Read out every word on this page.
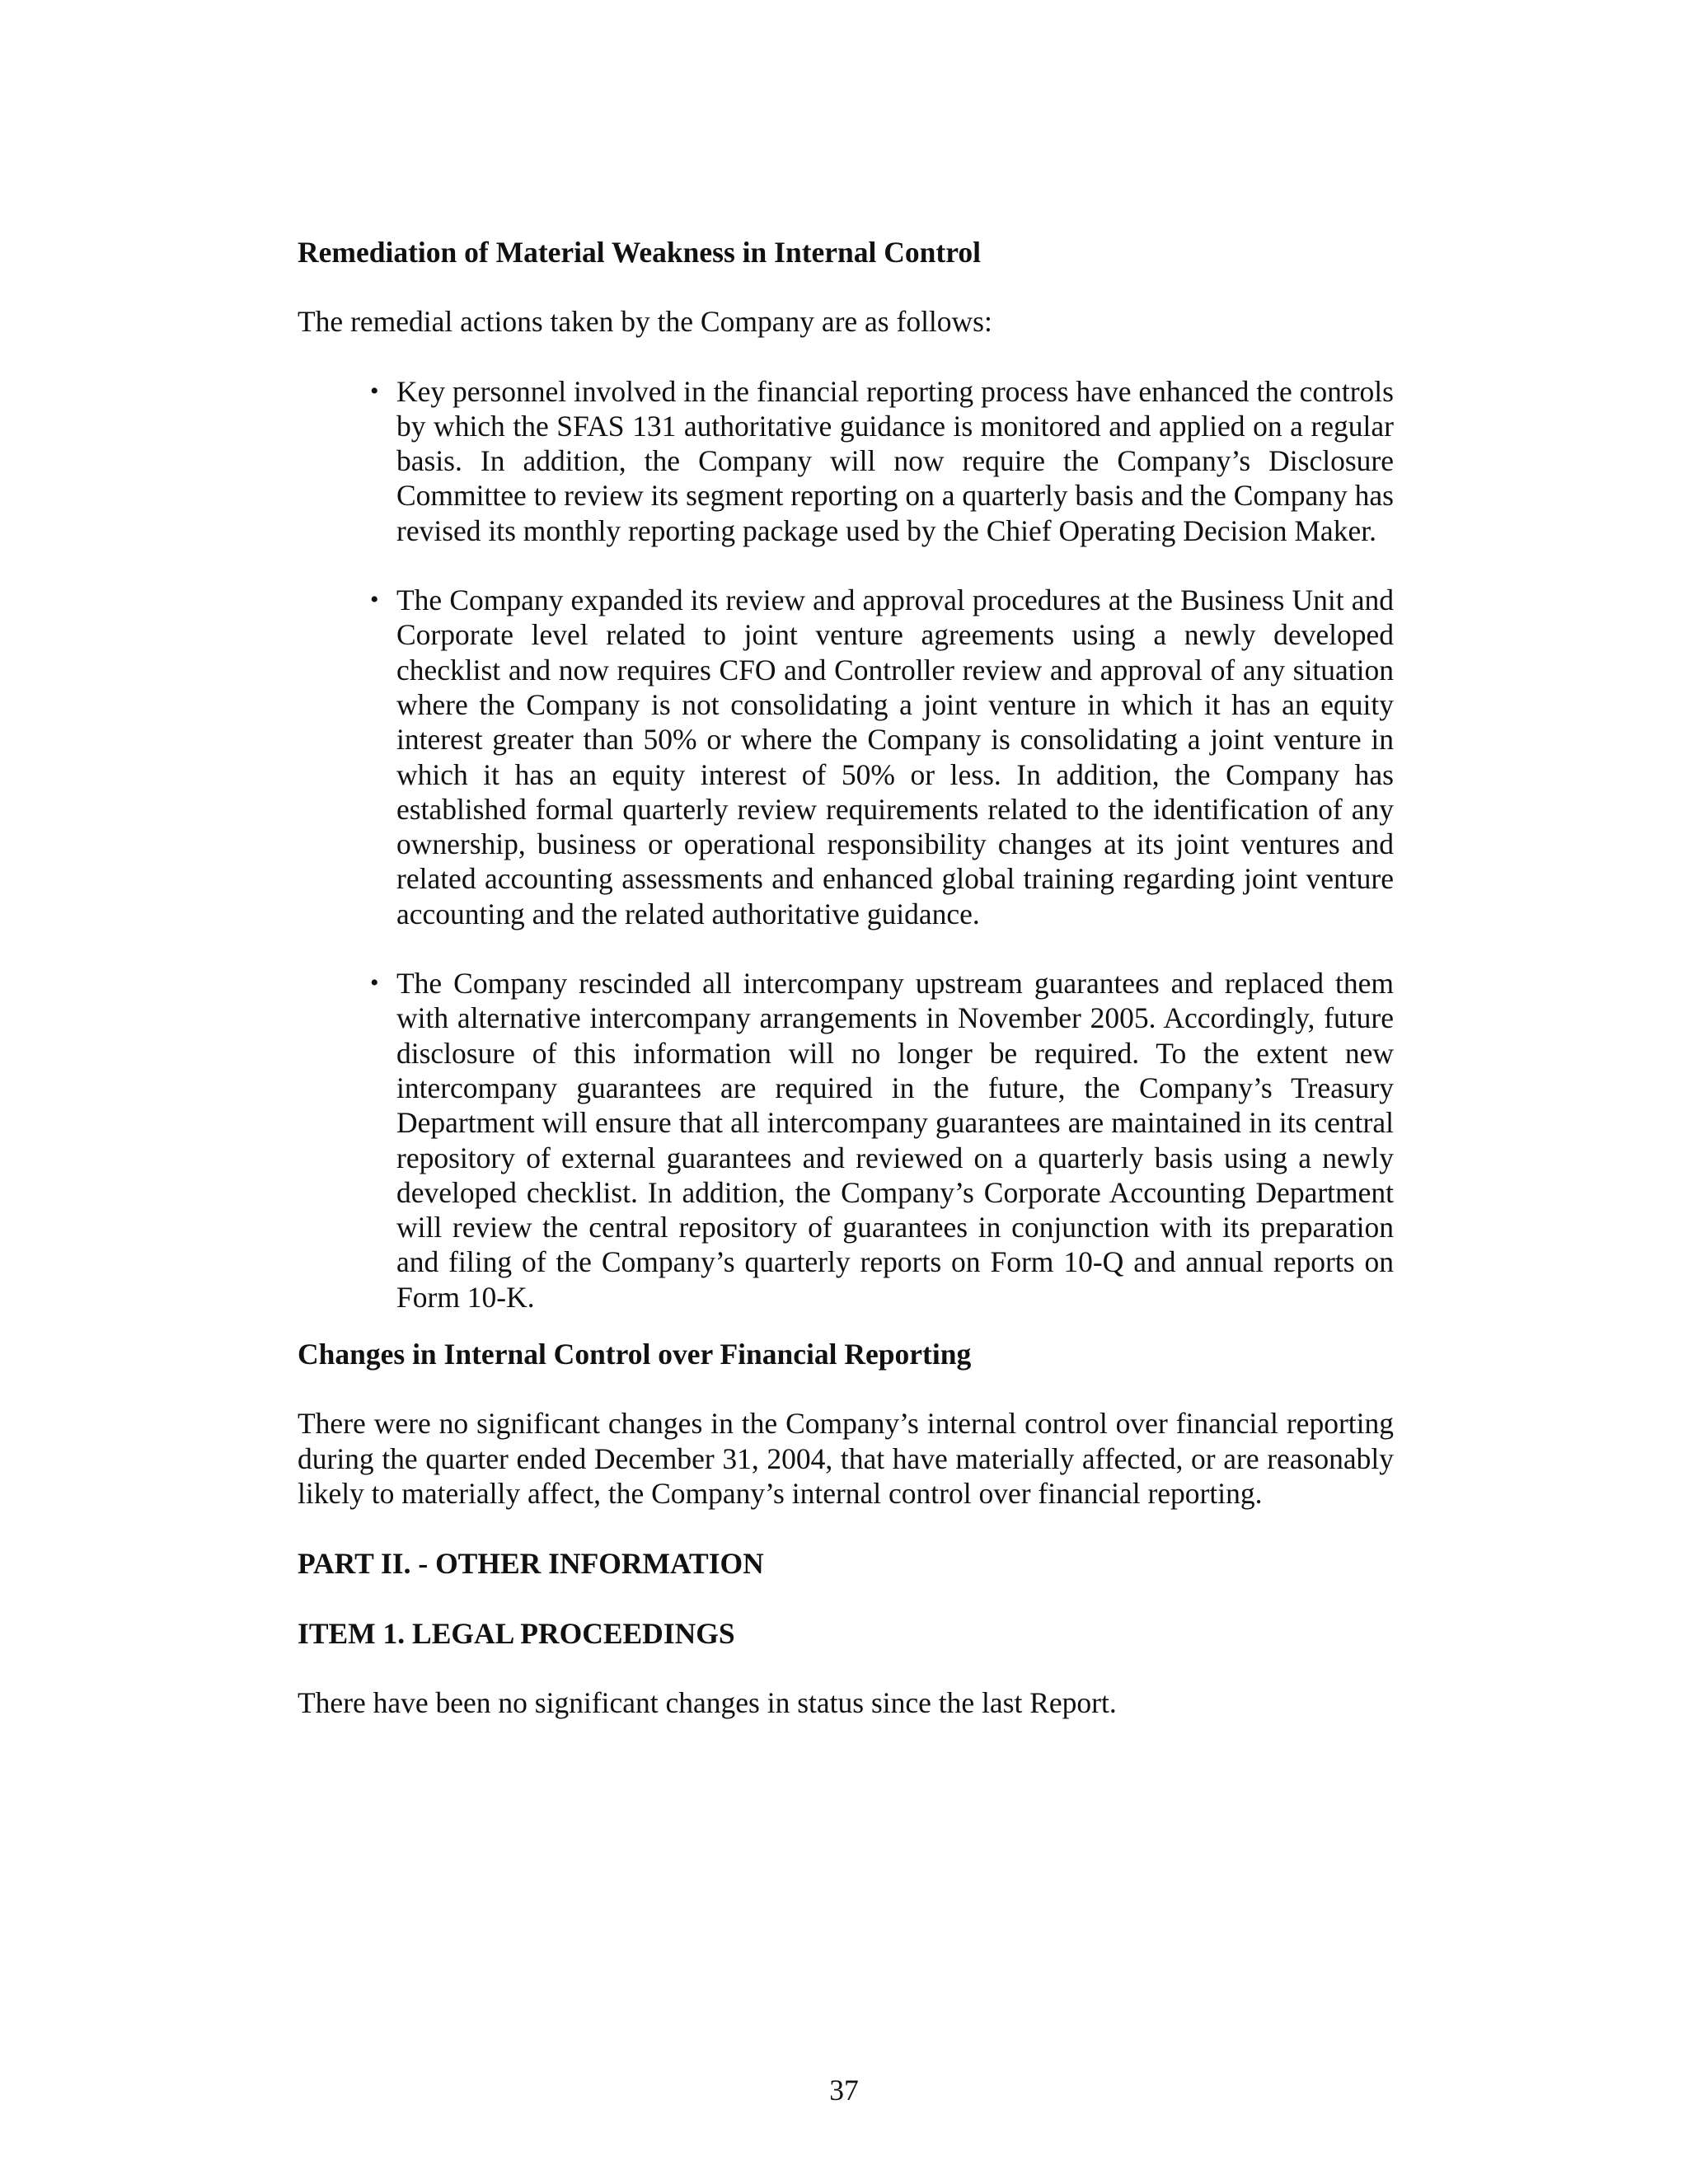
Remediation of Material Weakness in Internal Control

The remedial actions taken by the Company are as follows:

• Key personnel involved in the financial reporting process have enhanced the controls by which the SFAS 131 authoritative guidance is monitored and applied on a regular basis. In addition, the Company will now require the Company’s Disclosure Committee to review its segment reporting on a quarterly basis and the Company has revised its monthly reporting package used by the Chief Operating Decision Maker.
• The Company expanded its review and approval procedures at the Business Unit and Corporate level related to joint venture agreements using a newly developed checklist and now requires CFO and Controller review and approval of any situation where the Company is not consolidating a joint venture in which it has an equity interest greater than 50% or where the Company is consolidating a joint venture in which it has an equity interest of 50% or less. In addition, the Company has established formal quarterly review requirements related to the identification of any ownership, business or operational responsibility changes at its joint ventures and related accounting assessments and enhanced global training regarding joint venture accounting and the related authoritative guidance.
• The Company rescinded all intercompany upstream guarantees and replaced them with alternative intercompany arrangements in November 2005. Accordingly, future disclosure of this information will no longer be required. To the extent new intercompany guarantees are required in the future, the Company’s Treasury Department will ensure that all intercompany guarantees are maintained in its central repository of external guarantees and reviewed on a quarterly basis using a newly developed checklist. In addition, the Company’s Corporate Accounting Department will review the central repository of guarantees in conjunction with its preparation and filing of the Company’s quarterly reports on Form 10-Q and annual reports on Form 10-K.

Changes in Internal Control over Financial Reporting

There were no significant changes in the Company’s internal control over financial reporting during the quarter ended December 31, 2004, that have materially affected, or are reasonably likely to materially affect, the Company’s internal control over financial reporting.

PART II. - OTHER INFORMATION

ITEM 1. LEGAL PROCEEDINGS

There have been no significant changes in status since the last Report.

37
